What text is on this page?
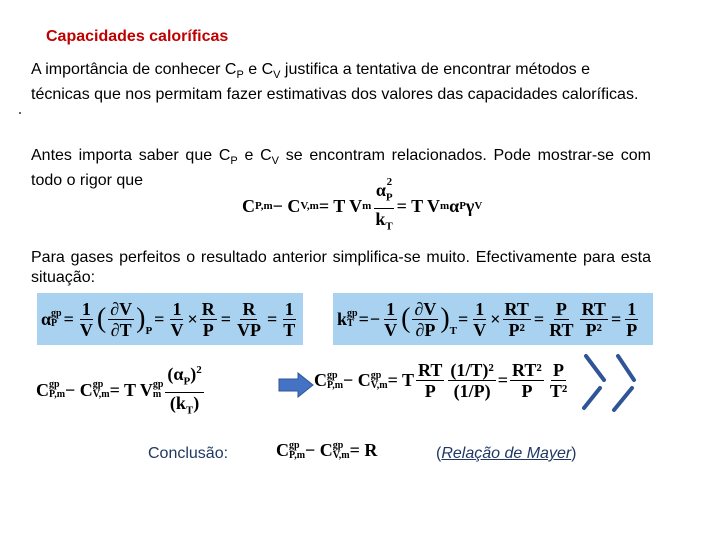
Capacidades caloríficas
A importância de conhecer $C_P$ e $C_V$ justifica a tentativa de encontrar métodos e técnicas que nos permitam fazer estimativas dos valores das capacidades caloríficas.
Antes importa saber que $C_P$ e $C_V$ se encontram relacionados. Pode mostrar-se com todo o rigor que
C P,m − C V,m = T V m $\frac{\alpha_P^2}{k_T} = T$ V m α P γ V
Para gases perfeitos o resultado anterior simplifica-se muito. Efectivamente para esta situação:
α gp
$P = \frac{1}{V}$ ( $\frac{\partial V}{\partial T} )_P$
= $\frac{1}{V} \times \frac{R}{P} = \frac{R}{VP} = \frac{1}{T}$ k gp
T = − $\frac{1}{V}$ ( $\frac{\partial V}{\partial P} )_T$
= $\frac{1}{V} \times \frac{RT}{\text{P²}} = \frac{P}{RT} \frac{RT}{\text{P²}} = \frac{1}{P}$
C gp
P,m − C gp
V,m = T V gp
m $\frac{(\alpha_P)^2}{(k_T)}$	C gp
P,m − C gp
V,m = T $\frac{RT}{P} \frac{\text{(1/T)²}}{(1/P)} = \frac{\text{RT²}}{P} \frac{P}{\text{T²}}$
Conclusão:	C gp
P,m − C gp
V,m = R	(Relação de Mayer)
